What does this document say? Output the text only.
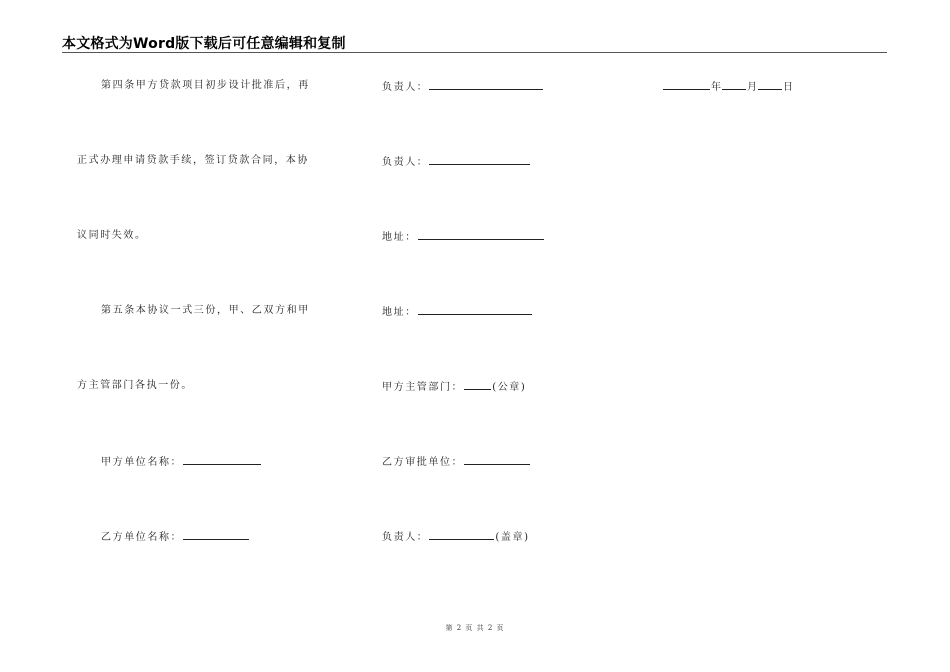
本文格式为Word版下载后可任意编辑和复制
第四条甲方贷款项目初步设计批准后，再
正式办理申请贷款手续，签订贷款合同，本协
议同时失效。
第五条本协议一式三份，甲、乙双方和甲
方主管部门各执一份。
甲方单位名称：
乙方单位名称：
负责人：
负责人：
地址：
地址：
甲方主管部门：	(公章)
乙方审批单位：
负责人：	(盖章)
年	月	日
第 2 页 共 2 页
